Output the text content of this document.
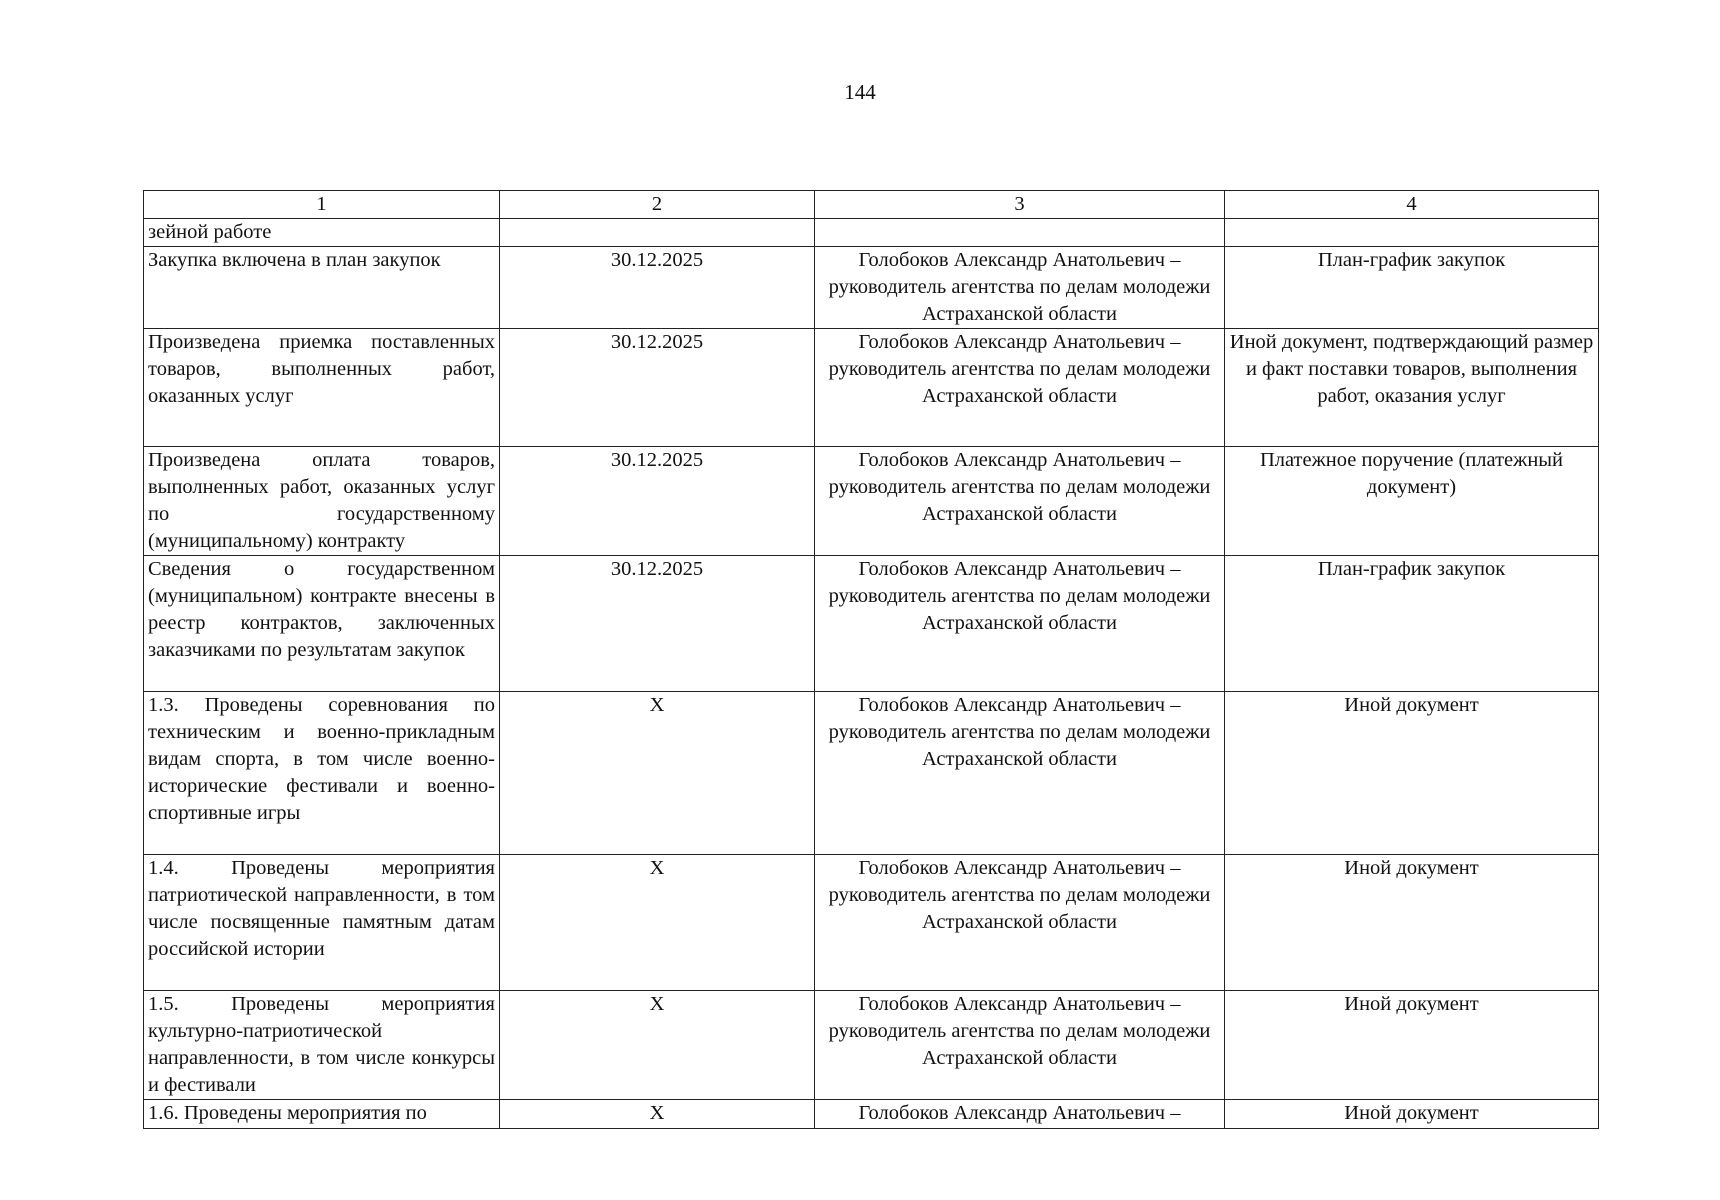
144
1	2	3	4
зейной работе			
Закупка включена в план закупок	30.12.2025	Голобоков Александр Анатольевич – руководитель агентства по делам молодежи Астраханской области	План-график закупок
Произведена приемка поставленных товаров, выполненных работ, оказанных услуг	30.12.2025	Голобоков Александр Анатольевич – руководитель агентства по делам молодежи Астраханской области	Иной документ, подтверждающий размер и факт поставки товаров, выполнения работ, оказания услуг
Произведена оплата товаров, выполненных работ, оказанных услуг по государственному (муниципальному) контракту	30.12.2025	Голобоков Александр Анатольевич – руководитель агентства по делам молодежи Астраханской области	Платежное поручение (платежный документ)
Сведения о государственном (муниципальном) контракте внесены в реестр контрактов, заключенных заказчиками по результатам закупок	30.12.2025	Голобоков Александр Анатольевич – руководитель агентства по делам молодежи Астраханской области	План-график закупок
1.3. Проведены соревнования по техническим и военно-прикладным видам спорта, в том числе военно-исторические фестивали и военно-спортивные игры	Х	Голобоков Александр Анатольевич – руководитель агентства по делам молодежи Астраханской области	Иной документ
1.4. Проведены мероприятия патриотической направленности, в том числе посвященные памятным датам российской истории	Х	Голобоков Александр Анатольевич – руководитель агентства по делам молодежи Астраханской области	Иной документ
1.5. Проведены мероприятия культурно-патриотической направленности, в том числе конкурсы и фестивали	Х	Голобоков Александр Анатольевич – руководитель агентства по делам молодежи Астраханской области	Иной документ
1.6. Проведены мероприятия по	Х	Голобоков Александр Анатольевич –	Иной документ
